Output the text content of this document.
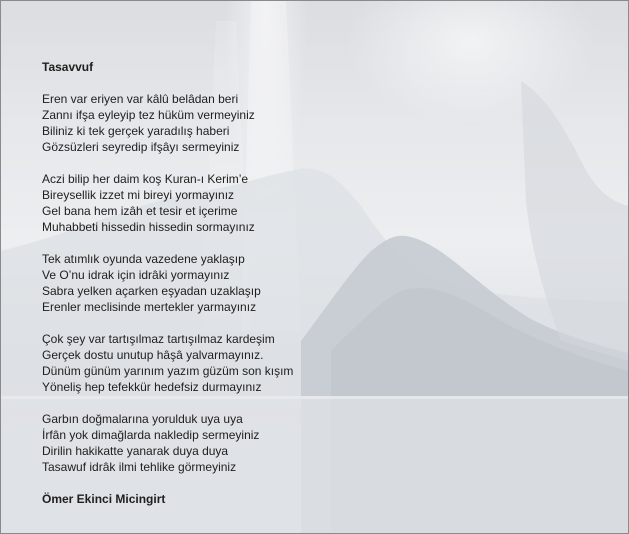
Tasavvuf
Eren var eriyen var kâlû belâdan beri
Zannı ifşa eyleyip tez hüküm vermeyiniz
Biliniz ki tek gerçek yaradılış haberi
Gözsüzleri seyredip ifşâyı sermeyiniz
Aczi bilip her daim koş Kuran-ı Kerim’e
Bireysellik izzet mi bireyi yormayınız
Gel bana hem izâh et tesir et içerime
Muhabbeti hissedin hissedin sormayınız
Tek atımlık oyunda vazedene yaklaşıp
Ve O’nu idrak için idrâki yormayınız
Sabra yelken açarken eşyadan uzaklaşıp
Erenler meclisinde mertekler yarmayınız
Çok şey var tartışılmaz tartışılmaz kardeşim
Gerçek dostu unutup hâşâ yalvarmayınız.
Dünüm günüm yarınım yazım güzüm son kışım
Yöneliş hep tefekkür hedefsiz durmayınız
Garbın doğmalarına yorulduk uya uya
İrfân yok dimağlarda nakledip sermeyiniz
Dirilin hakikatte yanarak duya duya
Tasawuf idrâk ilmi tehlike görmeyiniz
Ömer Ekinci Micingirt
